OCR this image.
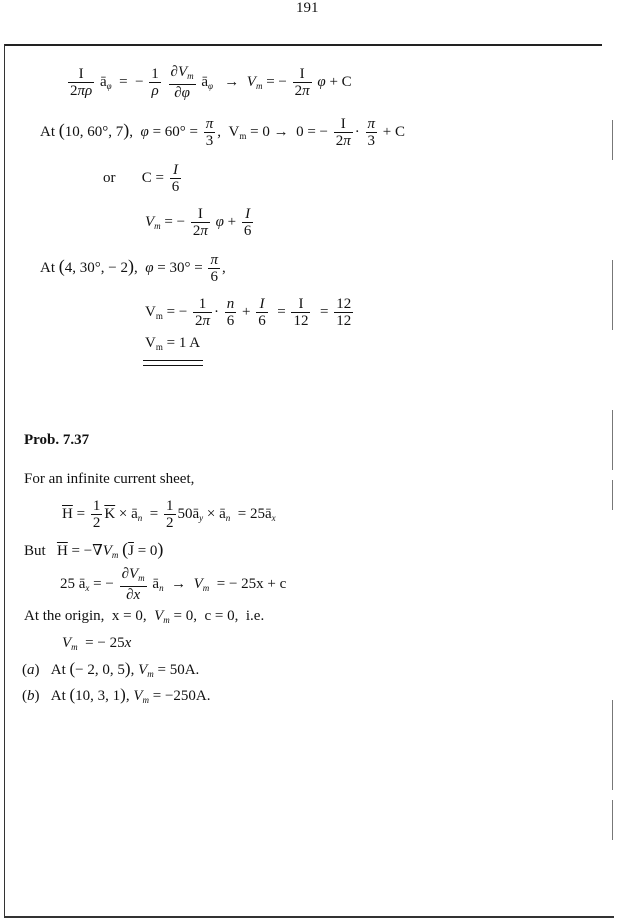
191
$\frac{I}{2\pi\rho}$ $ā_\varphi$  =  − $\frac{1}{\rho}$
$\frac{\partial V_m}{\partial\varphi}$ $ā_\varphi \to V_m$ = − $\frac{I}{2\pi}$ φ + C
At (10, 60°, 7),  $\varphi = 60^\circ = \frac{\pi}{3}$ ,  $V_m = 0 \to 0$ = − $\frac{I}{2\pi} \cdot \frac{\pi}{3} + C$
or       $C = \frac{I}{6}$
$V_m$ = − $\frac{I}{2\pi}$ $\varphi + \frac{I}{6}$
At (4, 30°, − 2),  $\varphi = 30^\circ = \frac{\pi}{6}$ ,
$V_m$ = − $\frac{1}{2\pi} \cdot \frac{n}{6} + \frac{I}{6} = \frac{I}{12} = \frac{12}{12}$
$V_m = 1$ A
Prob. 7.37
For an infinite current sheet,
$\overline{H} = \frac{1}{2} \overline{K}$ × $ā_n = \frac{1}{2}$ $50ā_y$ × $ā_n$  = $25ā_x$
But   $\overline{H} = -\nabla V_m$ $(\overline{J} = 0)$
25 $ā_x$ = − $\frac{\partial V_m}{\partial x}$ $ā_n \to V_m$  = − 25x + c
At the origin,  x = 0,  $V_m = 0$,  c = 0,  i.e.
$V_m$  = − 25x
(a)   At (− 2, 0, 5), $V_m = 50A$.
(b)   At (10, 3, 1), $V_m = -250A$.
